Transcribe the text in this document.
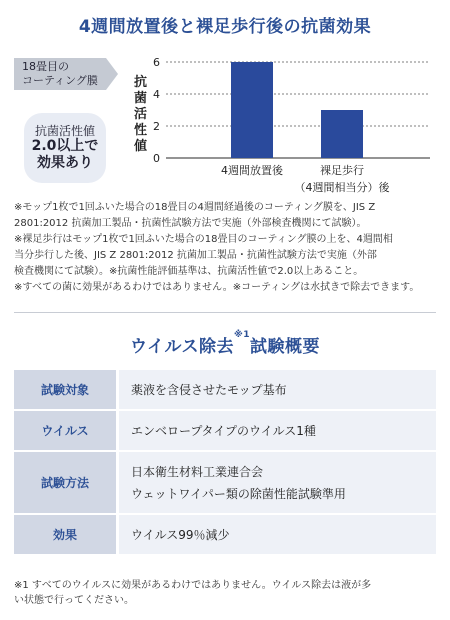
4週間放置後と裸足歩行後の抗菌効果
18畳目の
コーティング膜
抗菌活性値
2.0以上で
効果あり
抗
菌
活
性
値
0
2
4
6
4週間放置後	裸足歩行
（4週間相当分）後
※モップ1枚で1回ふいた場合の18畳目の4週間経過後のコーティング膜を、JIS Z
2801:2012 抗菌加工製品・抗菌性試験方法で実施（外部検査機関にて試験）。
※裸足歩行はモップ1枚で1回ふいた場合の18畳目のコーティング膜の上を、4週間相
当分歩行した後、JIS Z 2801:2012 抗菌加工製品・抗菌性試験方法で実施（外部
検査機関にて試験）。※抗菌性能評価基準は、抗菌活性値で2.0以上あること。
※すべての菌に効果があるわけではありません。※コーティングは水拭きで除去できます。
ウイルス除去$^{※1}$試験概要
試験対象	薬液を含侵させたモップ基布

ウイルス	エンベロープタイプのウイルス1種

試験方法	日本衛生材料工業連合会
ウェットワイパー類の除菌性能試験準用

効果	ウイルス99％減少
※1 すべてのウイルスに効果があるわけではありません。ウイルス除去は液が多
い状態で行ってください。
